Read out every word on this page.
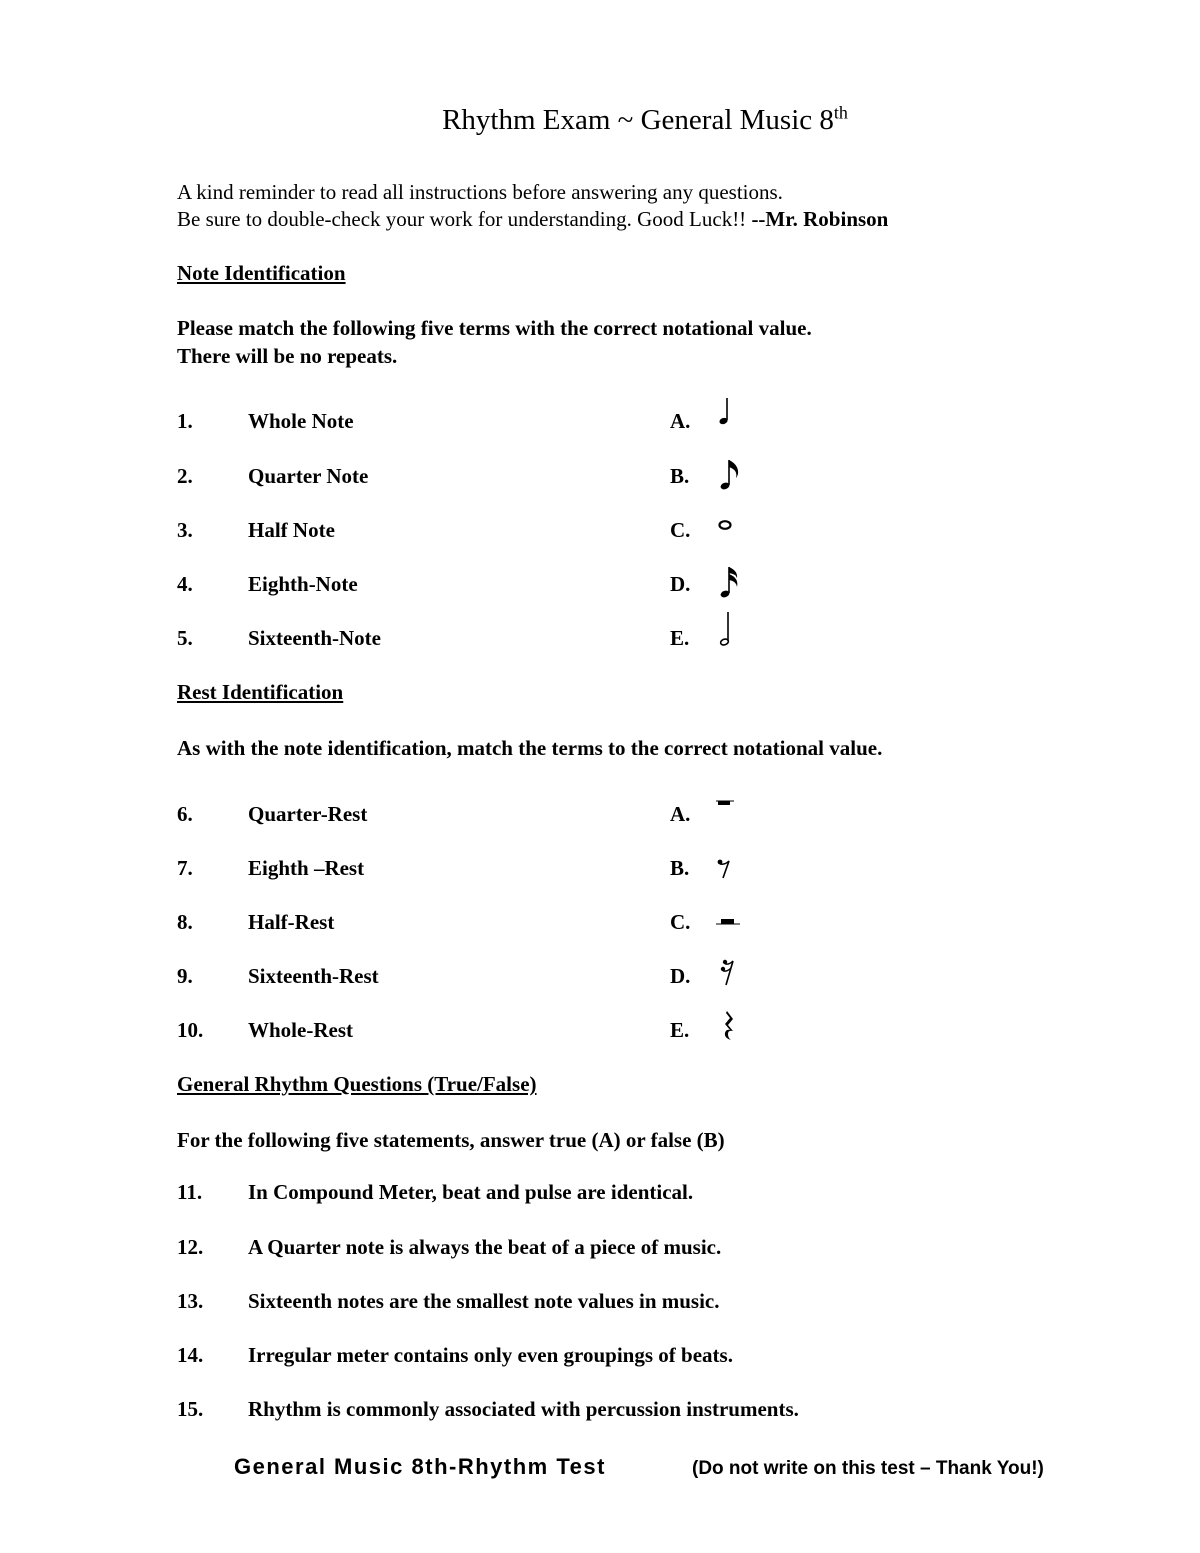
Rhythm Exam ~ General Music 8th
A kind reminder to read all instructions before answering any questions.
Be sure to double-check your work for understanding. Good Luck!! --Mr. Robinson
Note Identification
Please match the following five terms with the correct notational value.
There will be no repeats.
1.	Whole Note	A.
2.	Quarter Note	B.
3.	Half Note	C.
4.	Eighth-Note	D.
5.	Sixteenth-Note	E.
Rest Identification
As with the note identification, match the terms to the correct notational value.
6.	Quarter-Rest	A.
7.	Eighth –Rest	B.
8.	Half-Rest	C.
9.	Sixteenth-Rest	D.
10. Whole-Rest	E.
General Rhythm Questions (True/False)
For the following five statements, answer true (A) or false (B)
11. In Compound Meter, beat and pulse are identical.
12. A Quarter note is always the beat of a piece of music.
13. Sixteenth notes are the smallest note values in music.
14. Irregular meter contains only even groupings of beats.
15. Rhythm is commonly associated with percussion instruments.
General Music 8th-Rhythm Test	(Do not write on this test – Thank You!)
